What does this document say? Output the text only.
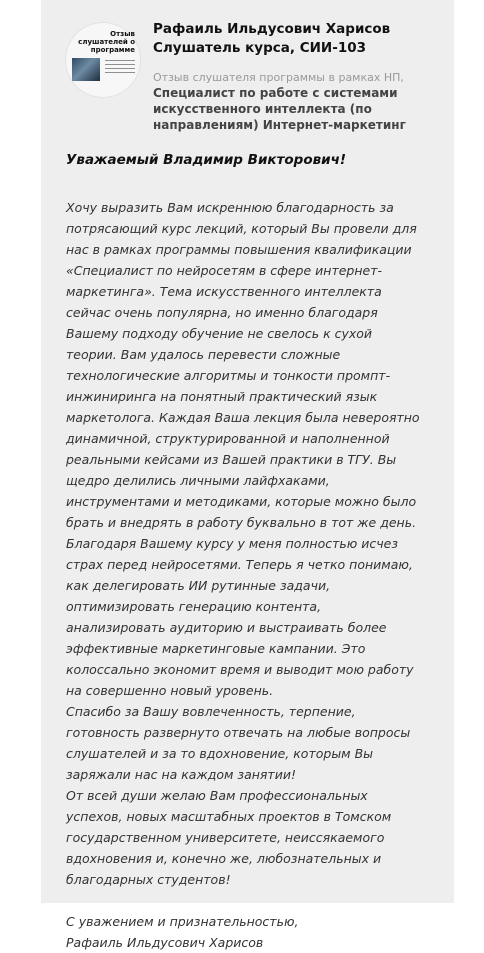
Отзыв слушателей о программе
Рафаиль Ильдусович Харисов
Слушатель курса, СИИ-103
Отзыв слушателя программы в рамках НП,
Специалист по работе с системами искусственного интеллекта (по направлениям) Интернет-маркетинг

Уважаемый Владимир Викторович!

Хочу выразить Вам искреннюю благодарность за потрясающий курс лекций, который Вы провели для нас в рамках программы повышения квалификации «Специалист по нейросетям в сфере интернет-маркетинга». Тема искусственного интеллекта сейчас очень популярна, но именно благодаря Вашему подходу обучение не свелось к сухой теории. Вам удалось перевести сложные технологические алгоритмы и тонкости промпт-инжиниринга на понятный практический язык маркетолога. Каждая Ваша лекция была невероятно динамичной, структурированной и наполненной реальными кейсами из Вашей практики в ТГУ. Вы щедро делились личными лайфхаками, инструментами и методиками, которые можно было брать и внедрять в работу буквально в тот же день.

Благодаря Вашему курсу у меня полностью исчез страх перед нейросетями. Теперь я четко понимаю, как делегировать ИИ рутинные задачи, оптимизировать генерацию контента, анализировать аудиторию и выстраивать более эффективные маркетинговые кампании. Это колоссально экономит время и выводит мою работу на совершенно новый уровень.

Спасибо за Вашу вовлеченность, терпение, готовность развернуто отвечать на любые вопросы слушателей и за то вдохновение, которым Вы заряжали нас на каждом занятии!

От всей души желаю Вам профессиональных успехов, новых масштабных проектов в Томском государственном университете, неиссякаемого вдохновения и, конечно же, любознательных и благодарных студентов!

С уважением и признательностью,

Рафаиль Ильдусович Харисов
